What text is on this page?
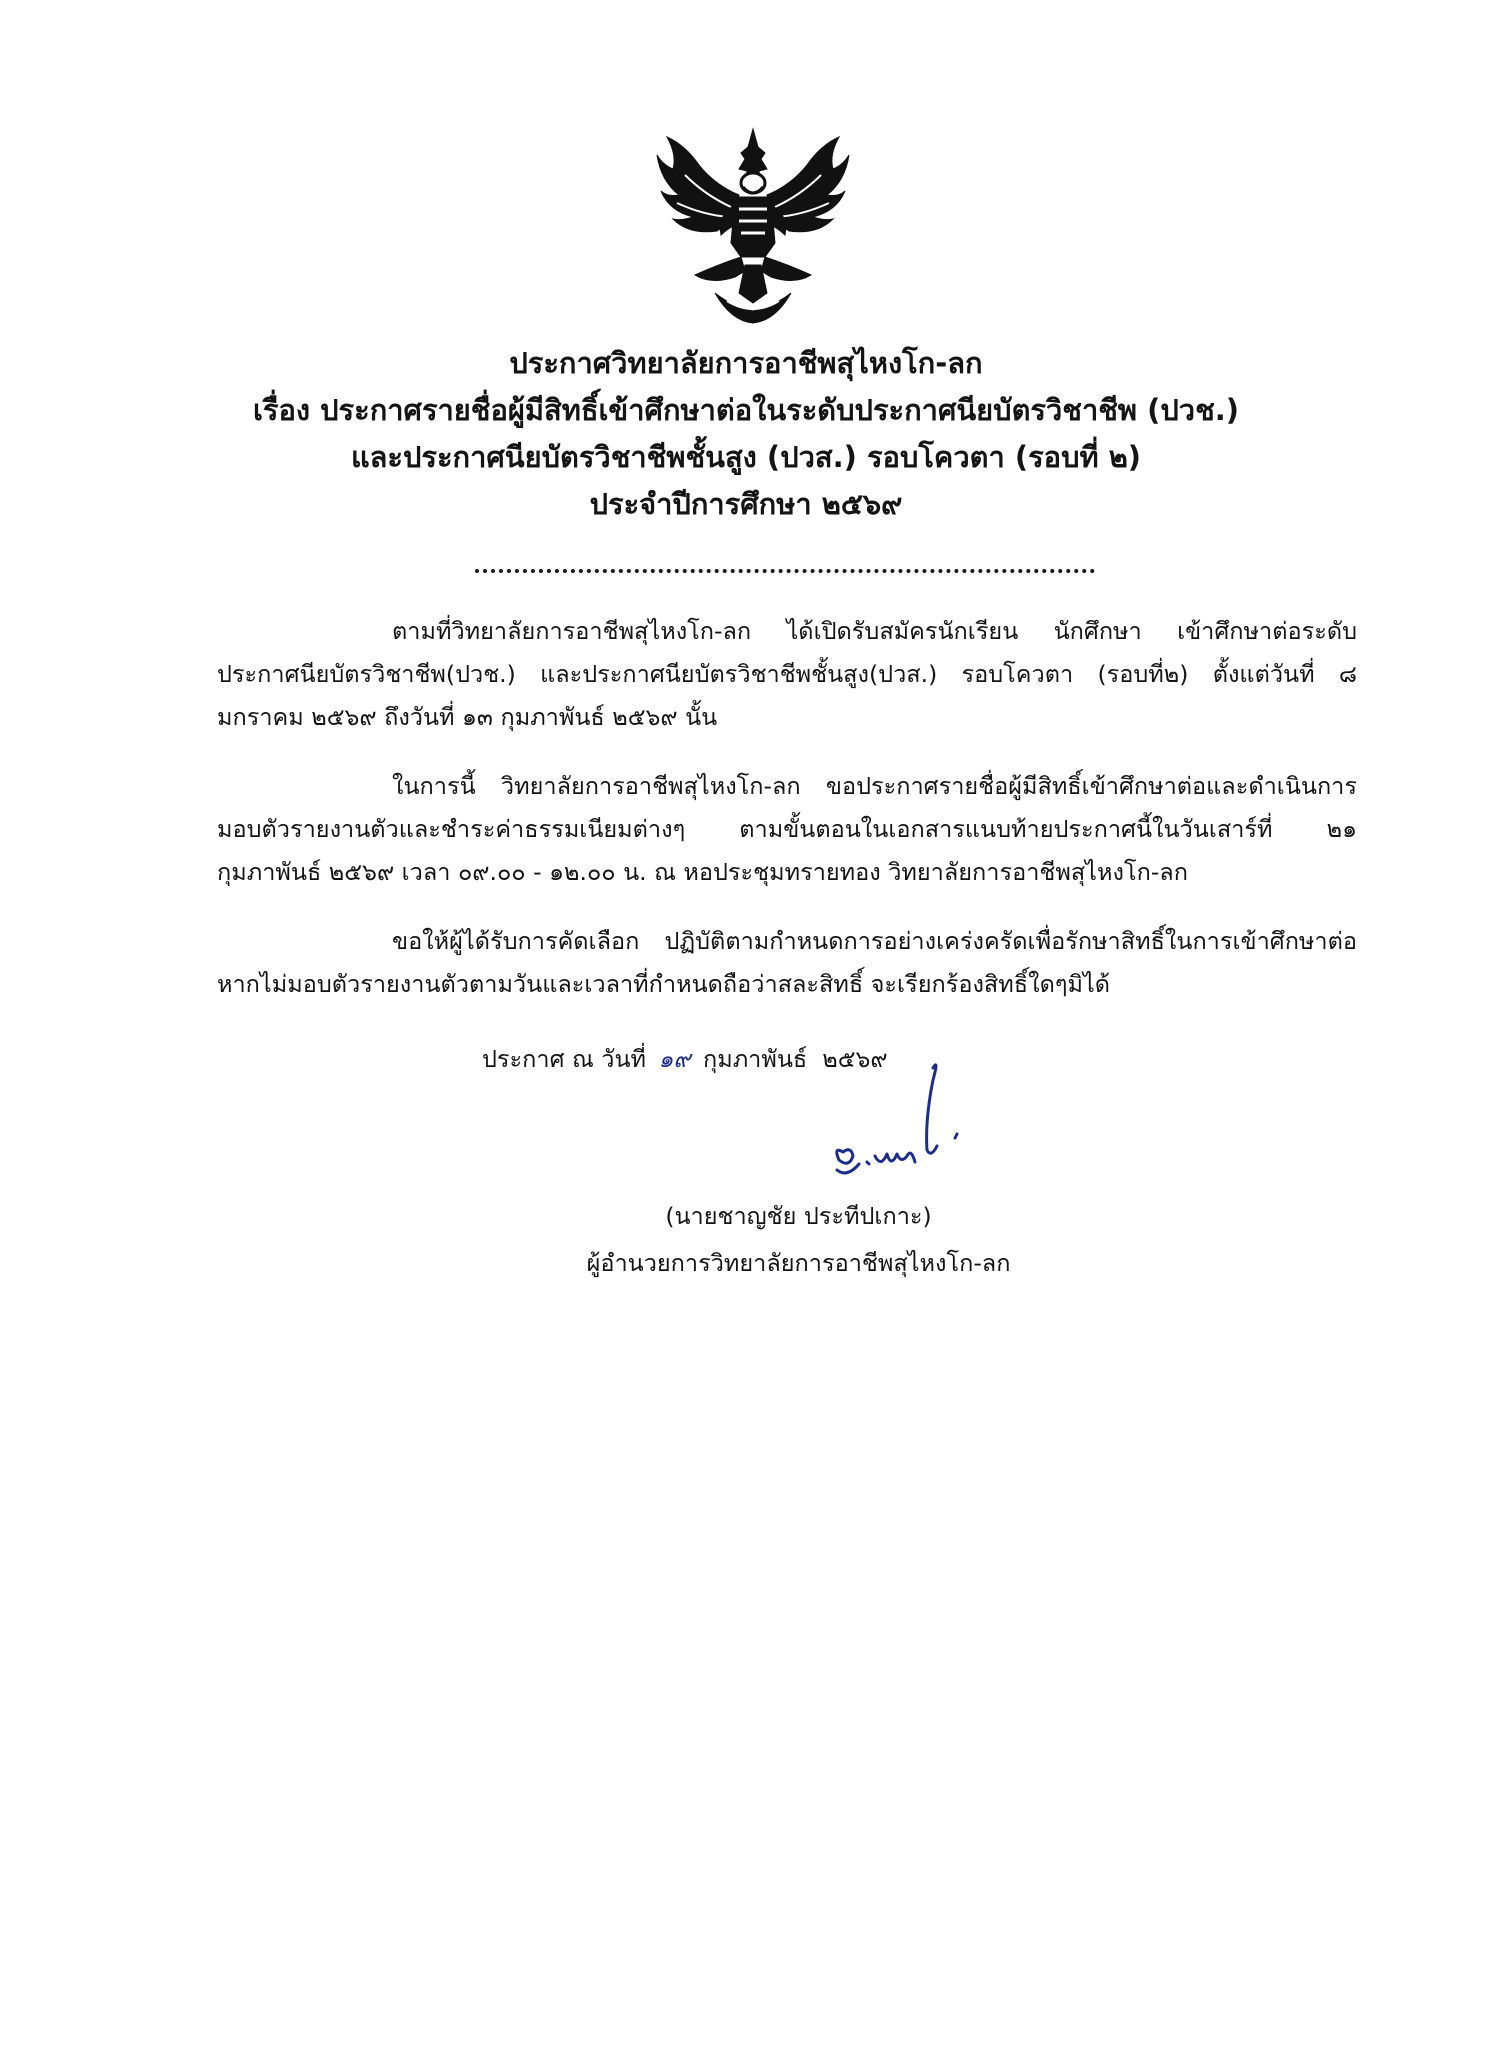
ประกาศวิทยาลัยการอาชีพสุไหงโก-ลก
เรื่อง ประกาศรายชื่อผู้มีสิทธิ์เข้าศึกษาต่อในระดับประกาศนียบัตรวิชาชีพ (ปวช.)
และประกาศนียบัตรวิชาชีพชั้นสูง (ปวส.) รอบโควตา (รอบที่ ๒)
ประจำปีการศึกษา ๒๕๖๙
ตามที่วิทยาลัยการอาชีพสุไหงโก-ลก ได้เปิดรับสมัครนักเรียน นักศึกษา เข้าศึกษาต่อระดับประกาศนียบัตรวิชาชีพ(ปวช.) และประกาศนียบัตรวิชาชีพชั้นสูง(ปวส.) รอบโควตา (รอบที่๒) ตั้งแต่วันที่ ๘ มกราคม ๒๕๖๙ ถึงวันที่ ๑๓ กุมภาพันธ์ ๒๕๖๙ นั้น
ในการนี้ วิทยาลัยการอาชีพสุไหงโก-ลก ขอประกาศรายชื่อผู้มีสิทธิ์เข้าศึกษาต่อและดำเนินการมอบตัวรายงานตัวและชำระค่าธรรมเนียมต่างๆ ตามขั้นตอนในเอกสารแนบท้ายประกาศนี้ในวันเสาร์ที่ ๒๑ กุมภาพันธ์ ๒๕๖๙ เวลา ๐๙.๐๐ - ๑๒.๐๐ น. ณ หอประชุมทรายทอง วิทยาลัยการอาชีพสุไหงโก-ลก
ขอให้ผู้ได้รับการคัดเลือก ปฏิบัติตามกำหนดการอย่างเคร่งครัดเพื่อรักษาสิทธิ์ในการเข้าศึกษาต่อ หากไม่มอบตัวรายงานตัวตามวันและเวลาที่กำหนดถือว่าสละสิทธิ์ จะเรียกร้องสิทธิ์ใดๆมิได้
ประกาศ ณ วันที่ ๑๙ กุมภาพันธ์ ๒๕๖๙
(นายชาญชัย ประทีปเกาะ)
ผู้อำนวยการวิทยาลัยการอาชีพสุไหงโก-ลก
